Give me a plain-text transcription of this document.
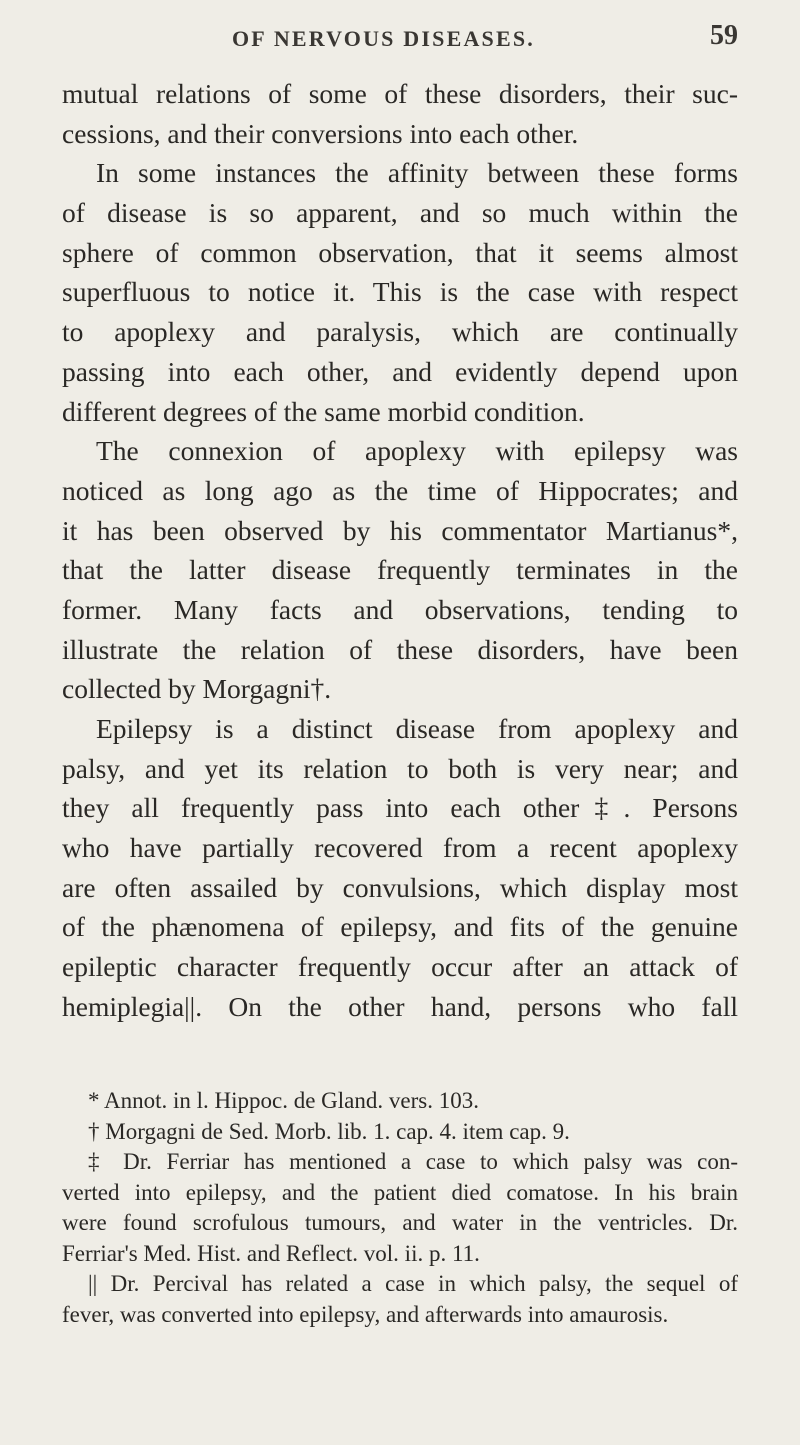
OF NERVOUS DISEASES.	59
mutual relations of some of these disorders, their suc-
cessions, and their conversions into each other.
In some instances the affinity between these forms
of disease is so apparent, and so much within the
sphere of common observation, that it seems almost
superfluous to notice it. This is the case with respect
to apoplexy and paralysis, which are continually
passing into each other, and evidently depend upon
different degrees of the same morbid condition.
The connexion of apoplexy with epilepsy was
noticed as long ago as the time of Hippocrates; and
it has been observed by his commentator Martianus*,
that the latter disease frequently terminates in the
former. Many facts and observations, tending to
illustrate the relation of these disorders, have been
collected by Morgagni†.
Epilepsy is a distinct disease from apoplexy and
palsy, and yet its relation to both is very near; and
they all frequently pass into each other‡. Persons
who have partially recovered from a recent apoplexy
are often assailed by convulsions, which display most
of the phænomena of epilepsy, and fits of the genuine
epileptic character frequently occur after an attack of
hemiplegia||. On the other hand, persons who fall
* Annot. in l. Hippoc. de Gland. vers. 103.
† Morgagni de Sed. Morb. lib. 1. cap. 4. item cap. 9.
‡ Dr. Ferriar has mentioned a case to which palsy was con-
verted into epilepsy, and the patient died comatose. In his brain
were found scrofulous tumours, and water in the ventricles. Dr.
Ferriar's Med. Hist. and Reflect. vol. ii. p. 11.
|| Dr. Percival has related a case in which palsy, the sequel of
fever, was converted into epilepsy, and afterwards into amaurosis.
